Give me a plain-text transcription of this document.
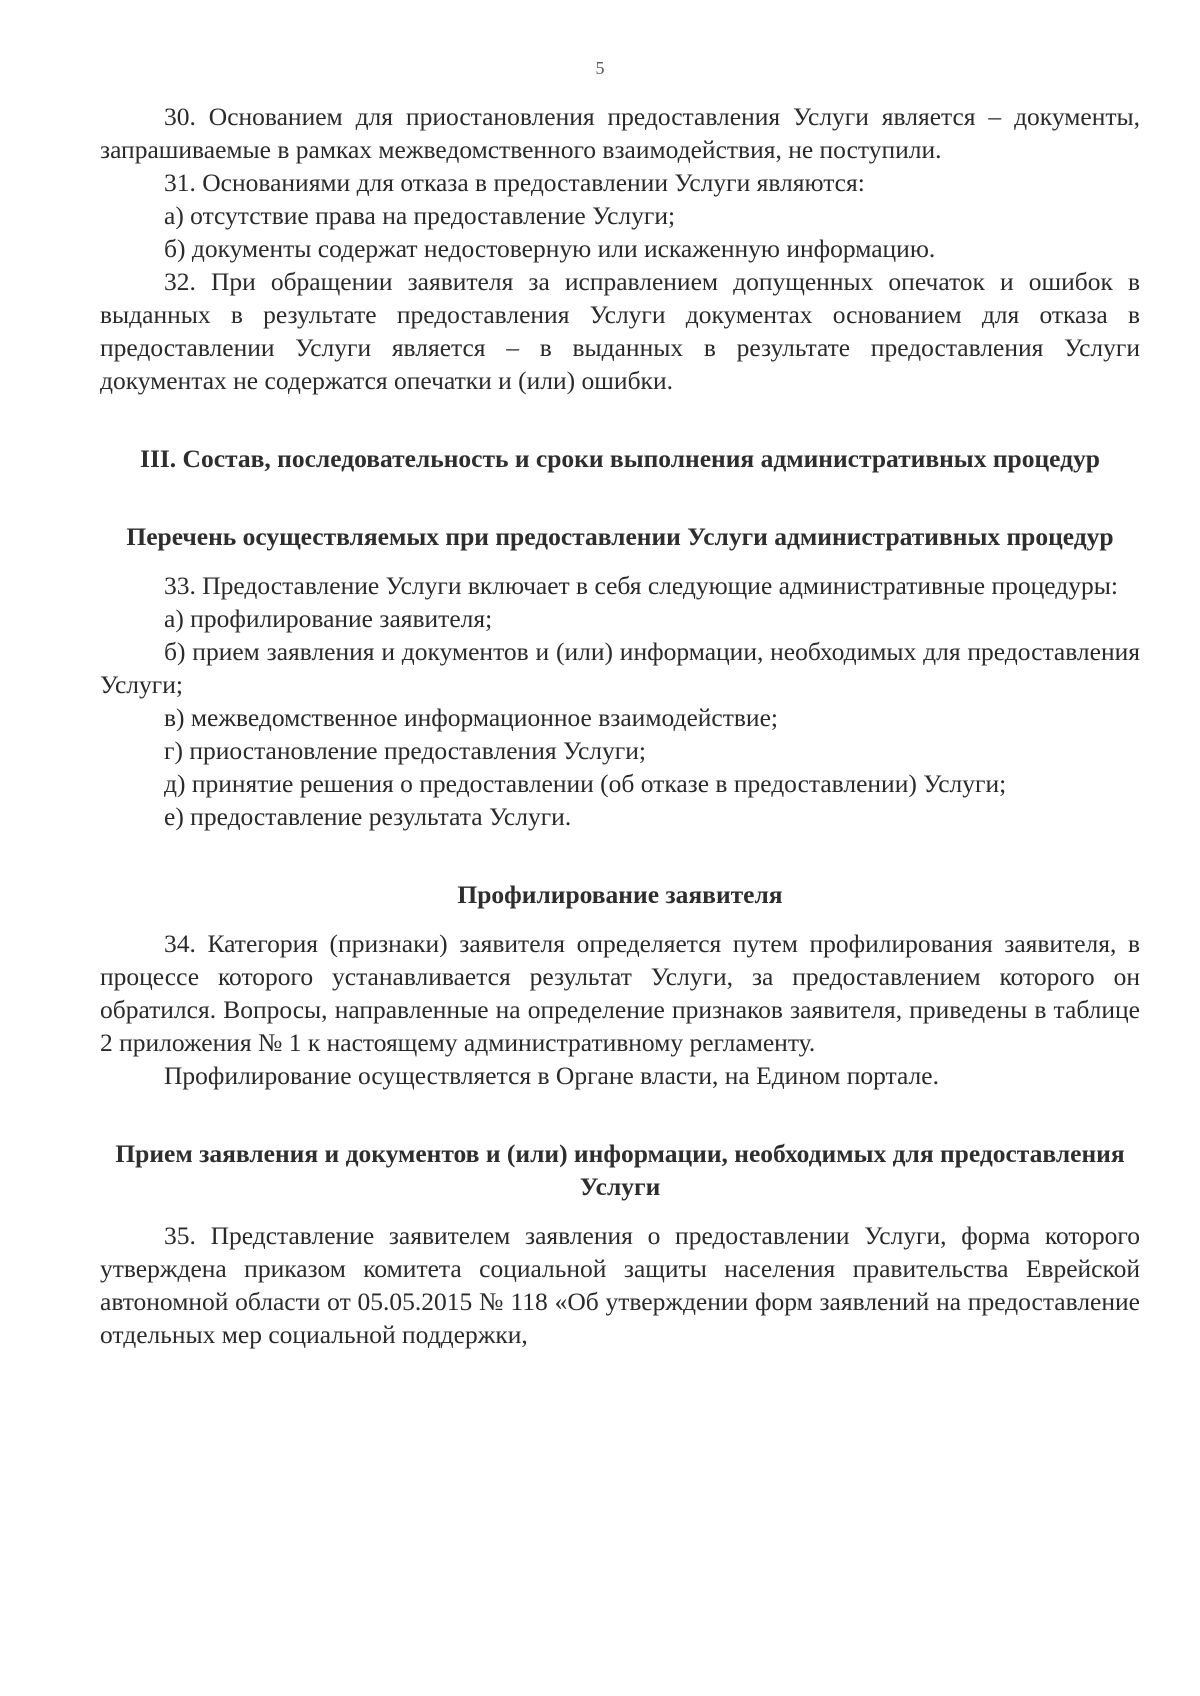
5

30. Основанием для приостановления предоставления Услуги является – документы, запрашиваемые в рамках межведомственного взаимодействия, не поступили.

31. Основаниями для отказа в предоставлении Услуги являются:

а) отсутствие права на предоставление Услуги;

б) документы содержат недостоверную или искаженную информацию.

32. При обращении заявителя за исправлением допущенных опечаток и ошибок в выданных в результате предоставления Услуги документах основанием для отказа в предоставлении Услуги является – в выданных в результате предоставления Услуги документах не содержатся опечатки и (или) ошибки.

III. Состав, последовательность и сроки выполнения административных процедур
Перечень осуществляемых при предоставлении Услуги административных процедур

33. Предоставление Услуги включает в себя следующие административные процедуры:

а) профилирование заявителя;

б) прием заявления и документов и (или) информации, необходимых для предоставления Услуги;

в) межведомственное информационное взаимодействие;

г) приостановление предоставления Услуги;

д) принятие решения о предоставлении (об отказе в предоставлении) Услуги;

е) предоставление результата Услуги.

Профилирование заявителя

34. Категория (признаки) заявителя определяется путем профилирования заявителя, в процессе которого устанавливается результат Услуги, за предоставлением которого он обратился. Вопросы, направленные на определение признаков заявителя, приведены в таблице 2 приложения № 1 к настоящему административному регламенту.

Профилирование осуществляется в Органе власти, на Едином портале.

Прием заявления и документов и (или) информации, необходимых для предоставления Услуги

35. Представление заявителем заявления о предоставлении Услуги, форма которого утверждена приказом комитета социальной защиты населения правительства Еврейской автономной области от 05.05.2015 № 118 «Об утверждении форм заявлений на предоставление отдельных мер социальной поддержки,
